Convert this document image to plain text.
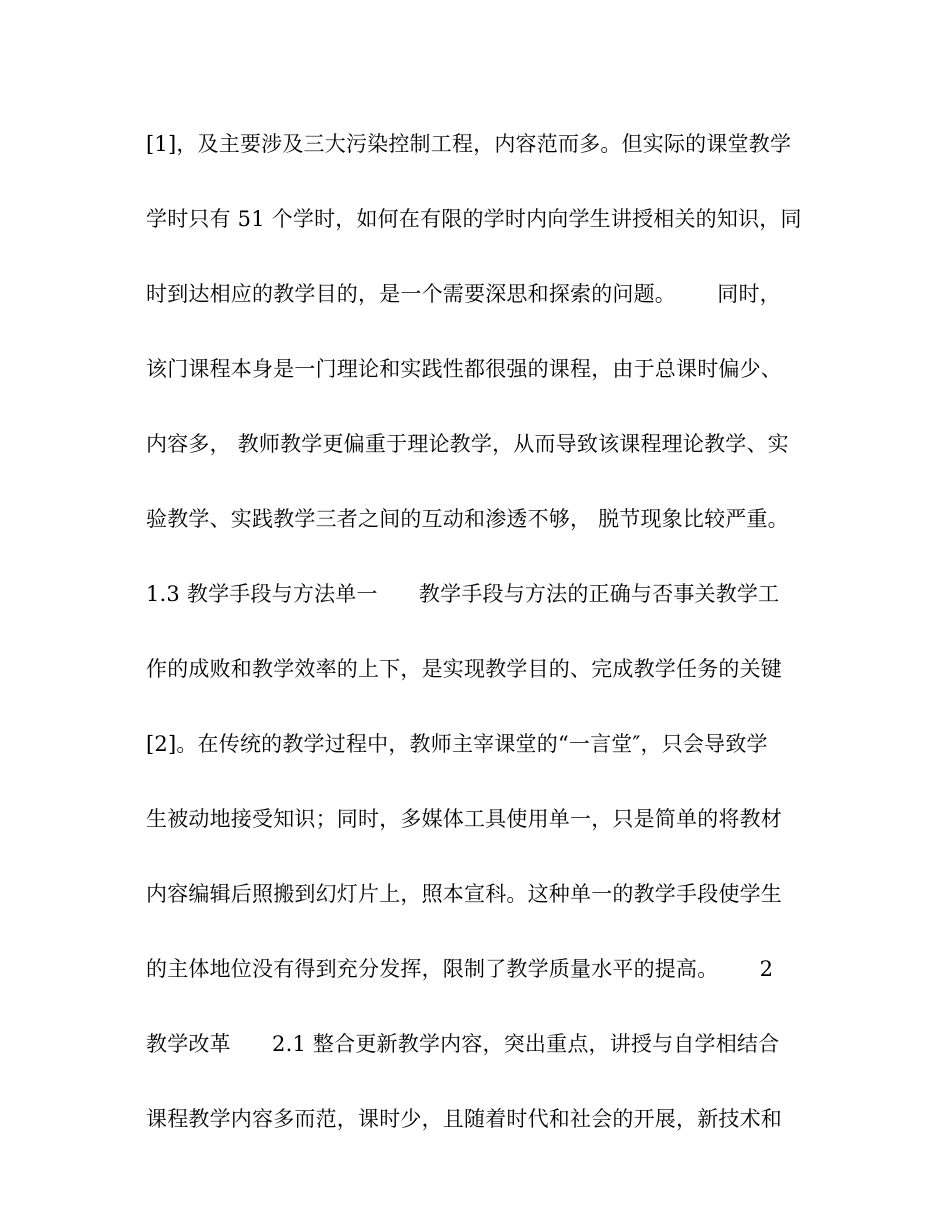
[1]，及主要涉及三大污染控制工程，内容范而多。但实际的课堂教学
学时只有 51 个学时，如何在有限的学时内向学生讲授相关的知识，同
时到达相应的教学目的，是一个需要深思和探索的问题。      同时，
该门课程本身是一门理论和实践性都很强的课程，由于总课时偏少、
内容多， 教师教学更偏重于理论教学，从而导致该课程理论教学、实
验教学、实践教学三者之间的互动和渗透不够， 脱节现象比较严重。
1.3 教学手段与方法单一      教学手段与方法的正确与否事关教学工
作的成败和教学效率的上下，是实现教学目的、完成教学任务的关键
[2]。在传统的教学过程中，教师主宰课堂的“一言堂″，只会导致学
生被动地接受知识；同时，多媒体工具使用单一，只是简单的将教材
内容编辑后照搬到幻灯片上，照本宣科。这种单一的教学手段使学生
的主体地位没有得到充分发挥，限制了教学质量水平的提高。      2
教学改革      2.1 整合更新教学内容，突出重点，讲授与自学相结合
课程教学内容多而范，课时少，且随着时代和社会的开展，新技术和
